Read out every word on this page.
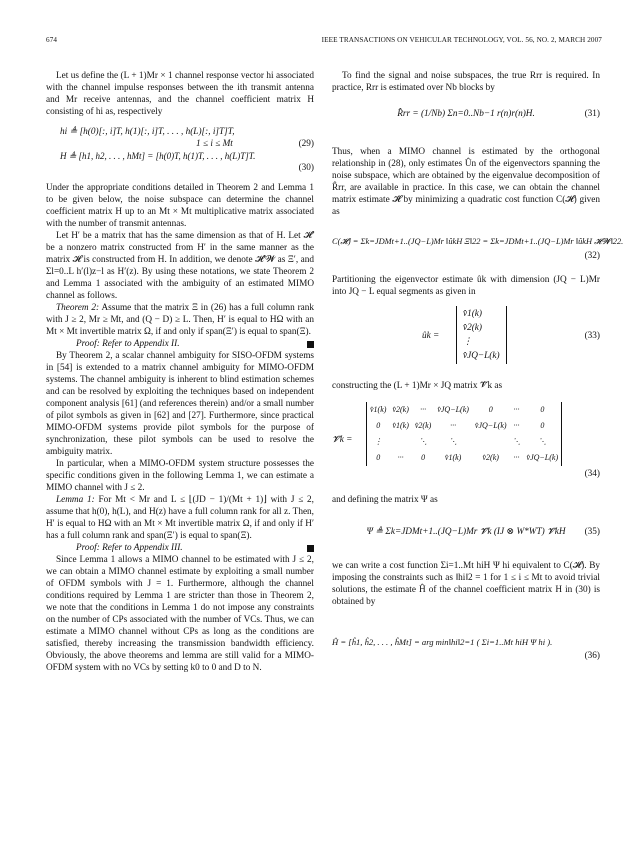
674	IEEE TRANSACTIONS ON VEHICULAR TECHNOLOGY, VOL. 56, NO. 2, MARCH 2007

Let us define the (L + 1)Mr × 1 channel response vector hi associated with the channel impulse responses between the ith transmit antenna and Mr receive antennas, and the channel coefficient matrix H consisting of hi as, respectively

hi ≜ [h(0)[:, i]T, h(1)[:, i]T, . . . , h(L)[:, i]T]T,
1 ≤ i ≤ Mt	(29)
H ≜ [h1, h2, . . . , hMt] = [h(0)T, h(1)T, . . . , h(L)T]T.

(30)

Under the appropriate conditions detailed in Theorem 2 and Lemma 1 to be given below, the noise subspace can determine the channel coefficient matrix H up to an Mt × Mt multiplicative matrix associated with the number of transmit antennas.

Let H′ be a matrix that has the same dimension as that of H. Let 𝓗′ be a nonzero matrix constructed from H′ in the same manner as the matrix 𝓗 is constructed from H. In addition, we denote 𝓗′𝓦 as Ξ′, and Σl=0..L h′(l)z−l as H′(z). By using these notations, we state Theorem 2 and Lemma 1 associated with the ambiguity of an estimated MIMO channel as follows.

Theorem 2: Assume that the matrix Ξ in (26) has a full column rank with J ≥ 2, Mr ≥ Mt, and (Q − D) ≥ L. Then, H′ is equal to HΩ with an Mt × Mt invertible matrix Ω, if and only if span(Ξ′) is equal to span(Ξ).

Proof: Refer to Appendix II.

By Theorem 2, a scalar channel ambiguity for SISO-OFDM systems in [54] is extended to a matrix channel ambiguity for MIMO-OFDM systems. The channel ambiguity is inherent to blind estimation schemes and can be resolved by exploiting the techniques based on independent component analysis [61] (and references therein) and/or a small number of pilot symbols as given in [62] and [27]. Furthermore, since practical MIMO-OFDM systems provide pilot symbols for the purpose of synchronization, these pilot symbols can be used to resolve the ambiguity matrix.

In particular, when a MIMO-OFDM system structure possesses the specific conditions given in the following Lemma 1, we can estimate a MIMO channel with J ≤ 2.

Lemma 1: For Mt < Mr and L ≤ ⌊(JD − 1)/(Mt + 1)⌋ with J ≤ 2, assume that h(0), h(L), and H(z) have a full column rank for all z. Then, H′ is equal to HΩ with an Mt × Mt invertible matrix Ω, if and only if H′ has a full column rank and span(Ξ′) is equal to span(Ξ).

Proof: Refer to Appendix III.

Since Lemma 1 allows a MIMO channel to be estimated with J ≤ 2, we can obtain a MIMO channel estimate by exploiting a small number of OFDM symbols with J = 1. Furthermore, although the channel conditions required by Lemma 1 are stricter than those in Theorem 2, we note that the conditions in Lemma 1 do not impose any constraints on the number of CPs associated with the number of VCs. Thus, we can estimate a MIMO channel without CPs as long as the conditions are satisfied, thereby increasing the transmission bandwidth efficiency. Obviously, the above theorems and lemma are still valid for a MIMO-OFDM system with no VCs by setting k0 to 0 and D to N.

To find the signal and noise subspaces, the true Rrr is required. In practice, Rrr is estimated over Nb blocks by

R̂rr = (1/Nb) Σn=0..Nb−1 r(n)r(n)H.	(31)

Thus, when a MIMO channel is estimated by the orthogonal relationship in (28), only estimates Ûn of the eigenvectors spanning the noise subspace, which are obtained by the eigenvalue decomposition of R̂rr, are available in practice. In this case, we can obtain the channel matrix estimate 𝓗̂ by minimizing a quadratic cost function C(𝓗) given as

C(𝓗) = Σk=JDMt+1..(JQ−L)Mr ‖ûkH Ξ‖22 = Σk=JDMt+1..(JQ−L)Mr ‖ûkH 𝓗𝓦‖22.

(32)

Partitioning the eigenvector estimate ûk with dimension (JQ − L)Mr into JQ − L equal segments as given in

ûk =
v̂1(k)
v̂2(k)
⋮
v̂JQ−L(k)
(33)

constructing the (L + 1)Mr × JQ matrix 𝓥̂k as

𝓥̂k =
v̂1(k)	v̂2(k)	···	v̂JQ−L(k)	0	···	0
0	v̂1(k)	v̂2(k)	···	v̂JQ−L(k)	···	0
⋮		⋱	⋱		⋱	⋱
0	···	0	v̂1(k)	v̂2(k)	···	v̂JQ−L(k)
(34)

and defining the matrix Ψ as

Ψ ≜ Σk=JDMt+1..(JQ−L)Mr 𝓥̂k (IJ ⊗ W*WT) 𝓥̂kH	(35)

we can write a cost function Σi=1..Mt hiH Ψ hi equivalent to C(𝓗). By imposing the constraints such as ‖hi‖2 = 1 for 1 ≤ i ≤ Mt to avoid trivial solutions, the estimate Ĥ of the channel coefficient matrix H in (30) is obtained by

Ĥ = [ĥ1, ĥ2, . . . , ĥMt] = arg min‖hi‖2=1 ( Σi=1..Mt hiH Ψ hi ).

(36)
